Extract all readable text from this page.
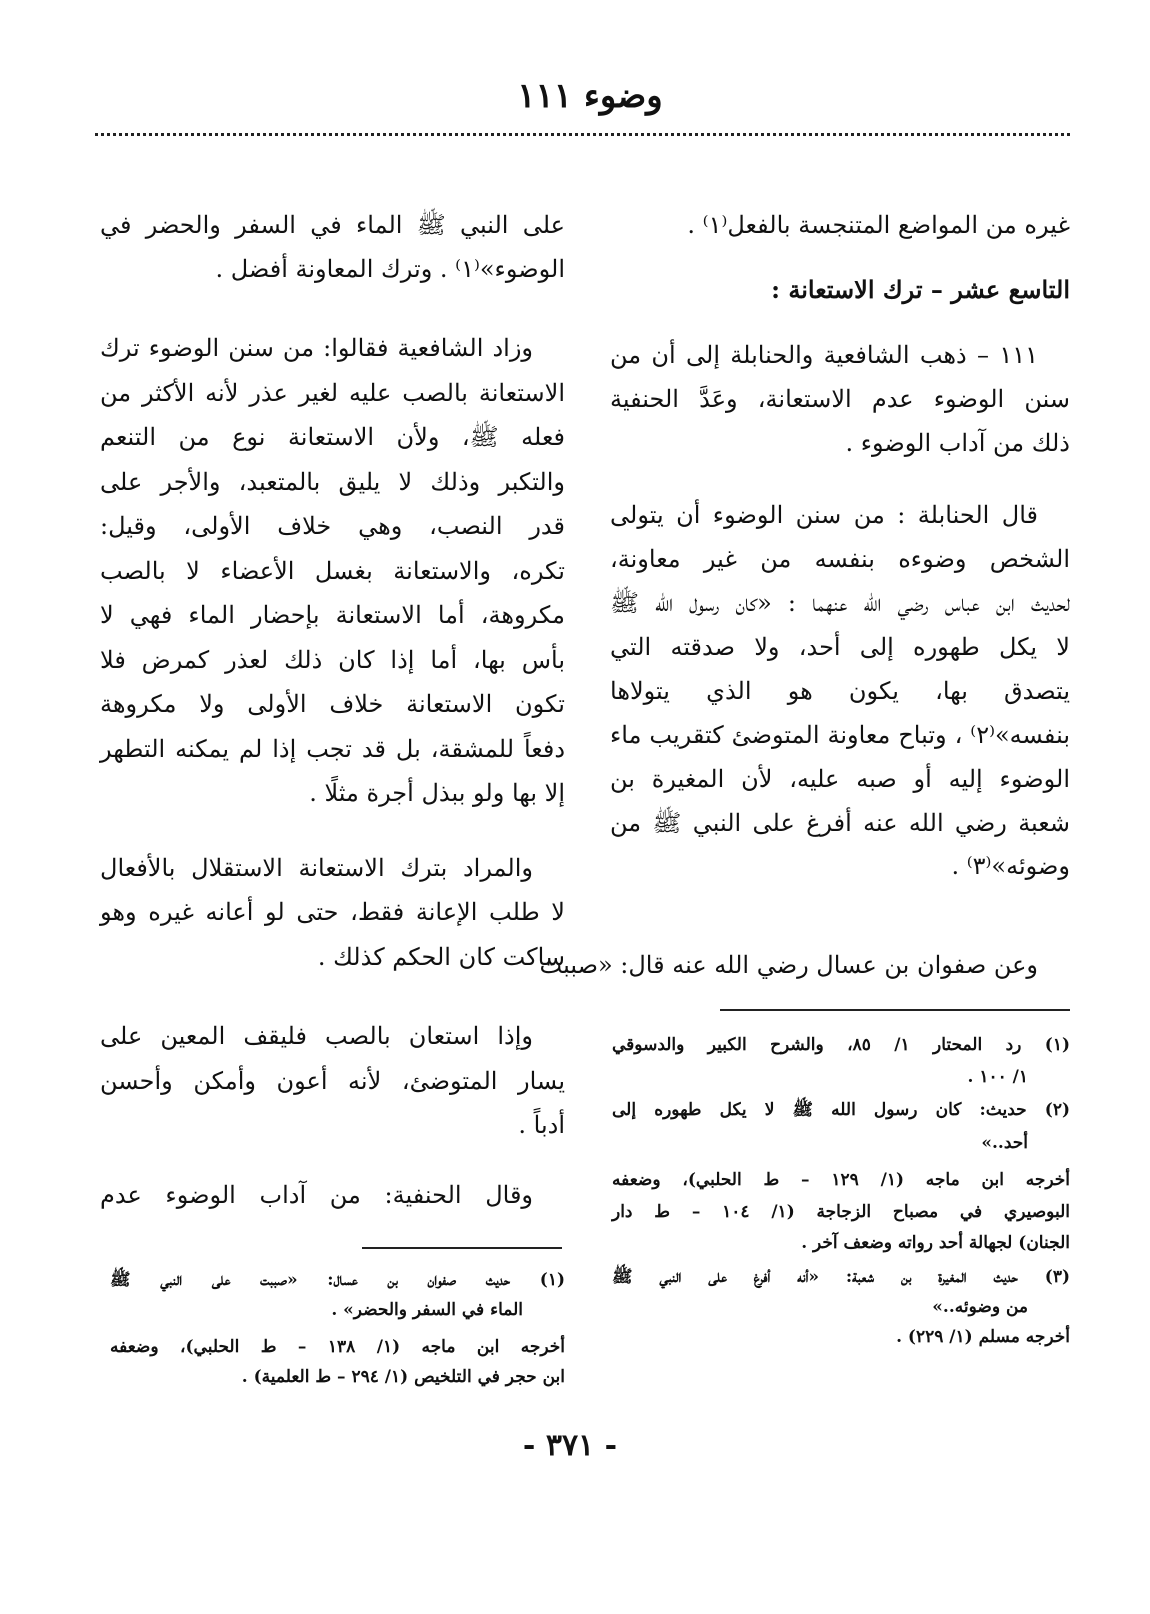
وضوء ١١١
غيره من المواضع المتنجسة بالفعل⁽١⁾ .
التاسع عشر – ترك الاستعانة :
١١١ – ذهب الشافعية والحنابلة إلى أن من
سنن الوضوء عدم الاستعانة، وعَدَّ الحنفية
ذلك من آداب الوضوء .
قال الحنابلة : من سنن الوضوء أن يتولى
الشخص وضوءه بنفسه من غير معاونة،
لحديث ابن عباس رضي الله عنهما : «كان رسول الله ﷺ
لا يكل طهوره إلى أحد، ولا صدقته التي
يتصدق بها، يكون هو الذي يتولاها
بنفسه»⁽٢⁾ ، وتباح معاونة المتوضئ كتقريب ماء
الوضوء إليه أو صبه عليه، لأن المغيرة بن
شعبة رضي الله عنه أفرغ على النبي ﷺ من
وضوئه»⁽٣⁾ .
وعن صفوان بن عسال رضي الله عنه قال: «صببت
(١) رد المحتار ١/ ٨٥، والشرح الكبير والدسوقي
١/ ١٠٠ .
(٢) حديث: كان رسول الله ﷺ لا يكل طهوره إلى
أحد..»
أخرجه ابن ماجه (١/ ١٢٩ – ط الحلبي)، وضعفه
البوصيري في مصباح الزجاجة (١/ ١٠٤ – ط دار
الجنان) لجهالة أحد رواته وضعف آخر .
(٣) حديث المغيرة بن شعبة: «أنه أفرغ على النبي ﷺ
من وضوئه..»
أخرجه مسلم (١/ ٢٢٩) .
على النبي ﷺ الماء في السفر والحضر في
الوضوء»⁽١⁾ . وترك المعاونة أفضل .
وزاد الشافعية فقالوا: من سنن الوضوء ترك
الاستعانة بالصب عليه لغير عذر لأنه الأكثر من
فعله ﷺ، ولأن الاستعانة نوع من التنعم
والتكبر وذلك لا يليق بالمتعبد، والأجر على
قدر النصب، وهي خلاف الأولى، وقيل:
تكره، والاستعانة بغسل الأعضاء لا بالصب
مكروهة، أما الاستعانة بإحضار الماء فهي لا
بأس بها، أما إذا كان ذلك لعذر كمرض فلا
تكون الاستعانة خلاف الأولى ولا مكروهة
دفعاً للمشقة، بل قد تجب إذا لم يمكنه التطهر
إلا بها ولو ببذل أجرة مثلًا .
والمراد بترك الاستعانة الاستقلال بالأفعال
لا طلب الإعانة فقط، حتى لو أعانه غيره وهو
ساكت كان الحكم كذلك .
وإذا استعان بالصب فليقف المعين على
يسار المتوضئ، لأنه أعون وأمكن وأحسن
أدباً .
وقال الحنفية: من آداب الوضوء عدم
(١) حديث صفوان بن عسال: «صببت على النبي ﷺ
الماء في السفر والحضر» .
أخرجه ابن ماجه (١/ ١٣٨ – ط الحلبي)، وضعفه
ابن حجر في التلخيص (١/ ٢٩٤ – ط العلمية) .
- ٣٧١ -
